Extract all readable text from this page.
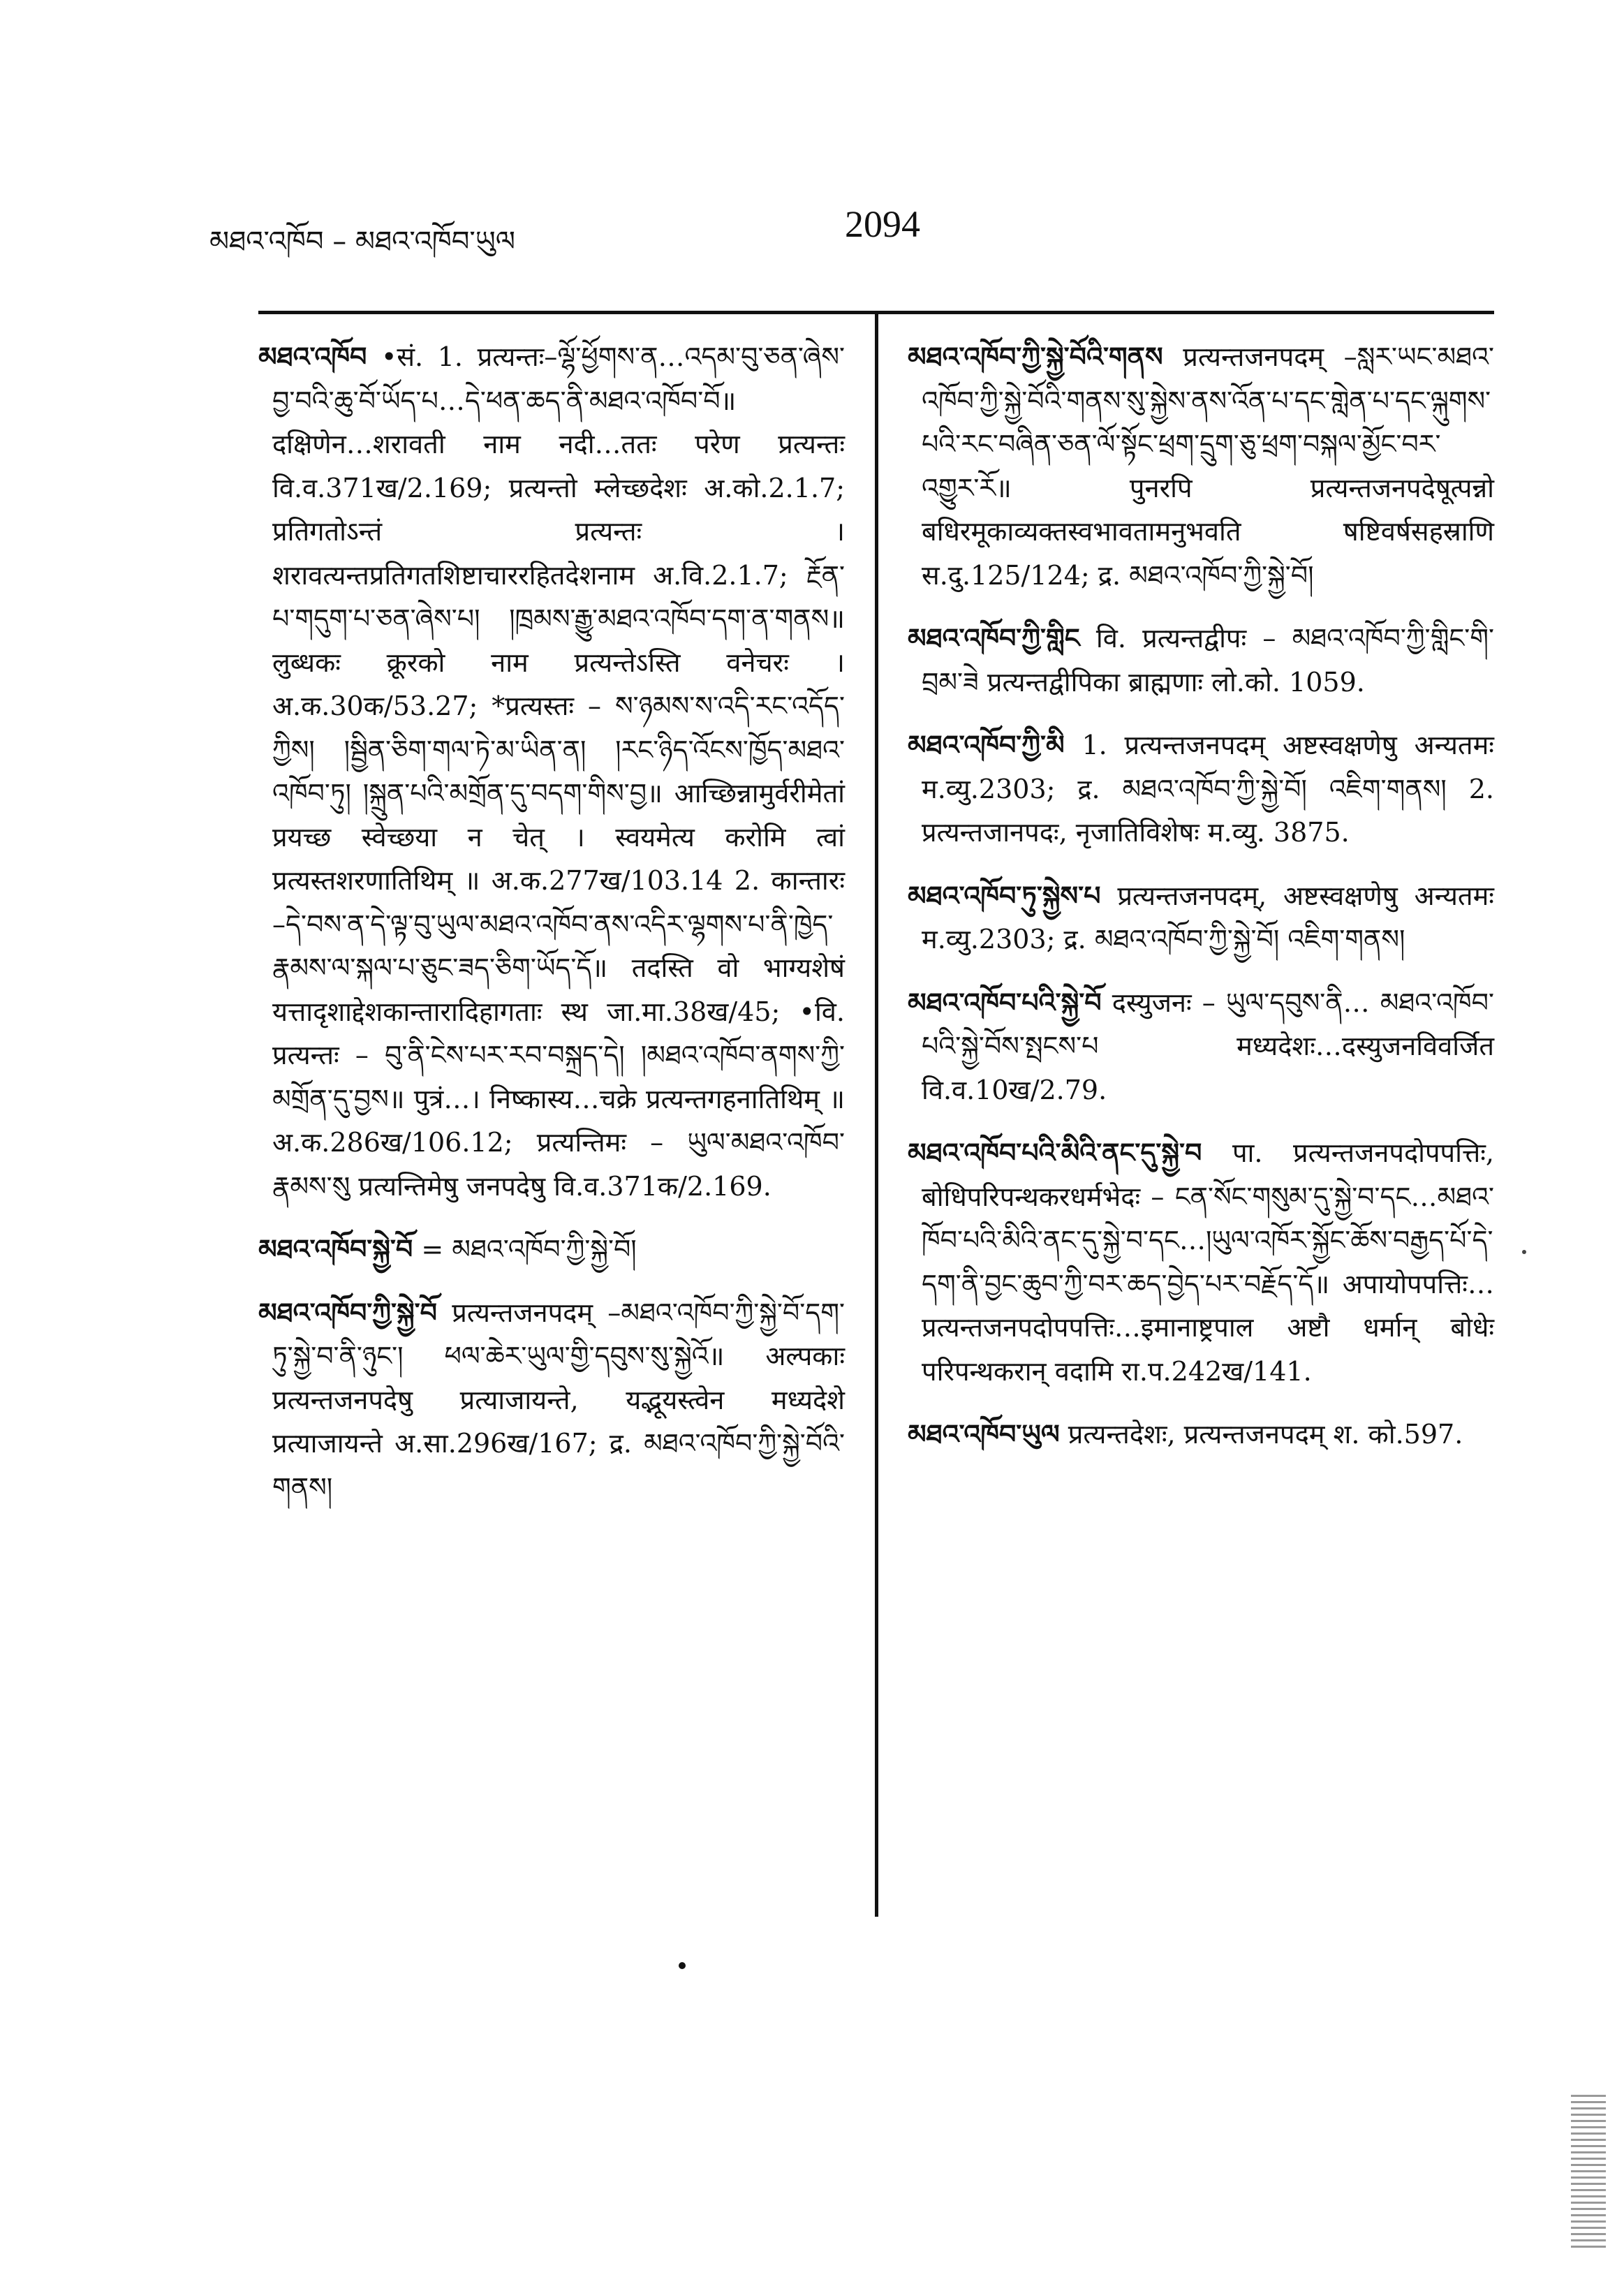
མཐའ་འཁོབ – མཐའ་འཁོབ་ཡུལ	2094

མཐའ་འཁོབ •सं. 1. प्रत्यन्तः–ལྷོ་ཕྱོགས་ན…འདམ་བུ་ཅན་ཞེས་བྱ་བའི་ཆུ་བོ་ཡོད་པ…དེ་ཕན་ཆད་ནི་མཐའ་འཁོབ་བོ॥ दक्षिणेन…शरावती नाम नदी…ततः परेण प्रत्यन्तः वि.व.371ख/2.169; प्रत्यन्तो म्लेच्छदेशः अ.को.2.1.7; प्रतिगतोऽन्तं प्रत्यन्तः । शरावत्यन्तप्रतिगतशिष्टाचाररहितदेशनाम अ.वि.2.1.7; རྔོན་པ་གདུག་པ་ཅན་ཞེས་པ། །ཁྲམས་རྒྱུ་མཐའ་འཁོབ་དག་ན་གནས॥ लुब्धकः क्रूरको नाम प्रत्यन्तेऽस्ति वनेचरः । अ.क.30क/53.27; *प्रत्यस्तः – ས་ཉམས་ས་འདི་རང་འདོད་ཀྱིས། །སྦྱིན་ཅིག་གལ་ཏེ་མ་ཡིན་ན། །རང་ཉིད་འོངས་ཁྱོད་མཐའ་འཁོབ་ཏུ། །སྐྲུན་པའི་མགྲོན་དུ་བདག་གིས་བྱ॥ आच्छिन्नामुर्वरीमेतां प्रयच्छ स्वेच्छया न चेत् । स्वयमेत्य करोमि त्वां प्रत्यस्तशरणातिथिम् ॥ अ.क.277ख/103.14 2. कान्तारः –དེ་བས་ན་དེ་ལྟ་བུ་ཡུལ་མཐའ་འཁོབ་ནས་འདིར་ལྷགས་པ་ནི་ཁྱེད་རྣམས་ལ་སྐལ་པ་ཅུང་ཟད་ཅིག་ཡོད་དོ॥ तदस्ति वो भाग्यशेषं यत्तादृशाद्देशकान्तारादिहागताः स्थ जा.मा.38ख/45; •वि. प्रत्यन्तः – བུ་ནི་ངེས་པར་རབ་བསྐྲད་དེ། །མཐའ་འཁོབ་ནགས་ཀྱི་མགྲོན་དུ་བྱས॥ पुत्रं…। निष्कास्य…चक्रे प्रत्यन्तगहनातिथिम् ॥ अ.क.286ख/106.12; प्रत्यन्तिमः – ཡུལ་མཐའ་འཁོབ་རྣམས་སུ प्रत्यन्तिमेषु जनपदेषु वि.व.371क/2.169.

མཐའ་འཁོབ་སྐྱེ་བོ = མཐའ་འཁོབ་ཀྱི་སྐྱེ་བོ།

མཐའ་འཁོབ་ཀྱི་སྐྱེ་བོ प्रत्यन्तजनपदम् –མཐའ་འཁོབ་ཀྱི་སྐྱེ་བོ་དག་ཏུ་སྐྱེ་བ་ནི་ཉུང་། ཕལ་ཆེར་ཡུལ་གྱི་དབུས་སུ་སྐྱེའོ॥ अल्पकाः प्रत्यन्तजनपदेषु प्रत्याजायन्ते, यद्भूयस्त्वेन मध्यदेशे प्रत्याजायन्ते अ.सा.296ख/167; द्र. མཐའ་འཁོབ་ཀྱི་སྐྱེ་བོའི་གནས།

མཐའ་འཁོབ་ཀྱི་སྐྱེ་བོའི་གནས प्रत्यन्तजनपदम् –སླར་ཡང་མཐའ་འཁོབ་ཀྱི་སྐྱེ་བོའི་གནས་སུ་སྐྱེས་ནས་འོན་པ་དང་གླེན་པ་དང་ལྐུགས་པའི་རང་བཞིན་ཅན་ལོ་སྟོང་ཕྲག་དྲུག་ཅུ་ཕྲག་བསྐལ་མྱོང་བར་འགྱུར་རོ॥ पुनरपि प्रत्यन्तजनपदेषूत्पन्नो बधिरमूकाव्यक्तस्वभावतामनुभवति षष्टिवर्षसहस्राणि स.दु.125/124; द्र. མཐའ་འཁོབ་ཀྱི་སྐྱེ་བོ།

མཐའ་འཁོབ་ཀྱི་གླིང वि. प्रत्यन्तद्वीपः – མཐའ་འཁོབ་ཀྱི་གླིང་གི་བྲམ་ཟེ प्रत्यन्तद्वीपिका ब्राह्मणाः लो.को. 1059.

མཐའ་འཁོབ་ཀྱི་མི 1. प्रत्यन्तजनपदम् अष्टस्वक्षणेषु अन्यतमः म.व्यु.2303; द्र. མཐའ་འཁོབ་ཀྱི་སྐྱེ་བོ། འཇིག་གནས། 2. प्रत्यन्तजानपदः, नृजातिविशेषः म.व्यु. 3875.

མཐའ་འཁོབ་ཏུ་སྐྱེས་པ प्रत्यन्तजनपदम्, अष्टस्वक्षणेषु अन्यतमः म.व्यु.2303; द्र. མཐའ་འཁོབ་ཀྱི་སྐྱེ་བོ། འཇིག་གནས།

མཐའ་འཁོབ་པའི་སྐྱེ་བོ दस्युजनः – ཡུལ་དབུས་ནི… མཐའ་འཁོབ་པའི་སྐྱེ་བོས་སྤངས་པ मध्यदेशः…दस्युजनविवर्जित वि.व.10ख/2.79.

མཐའ་འཁོབ་པའི་མིའི་ནང་དུ་སྐྱེ་བ पा. प्रत्यन्तजनपदोपपत्तिः, बोधिपरिपन्थकरधर्मभेदः – ངན་སོང་གསུམ་དུ་སྐྱེ་བ་དང…མཐའ་ཁོབ་པའི་མིའི་ནང་དུ་སྐྱེ་བ་དང…།ཡུལ་འཁོར་སྐྱོང་ཆོས་བརྒྱད་པོ་དེ་དག་ནི་བྱང་ཆུབ་ཀྱི་བར་ཆད་བྱེད་པར་བརྗོད་དོ॥ अपायोपपत्तिः…प्रत्यन्तजनपदोपपत्तिः…इमानाष्ट्रपाल अष्टौ धर्मान् बोधेः परिपन्थकरान् वदामि रा.प.242ख/141.

མཐའ་འཁོབ་ཡུལ प्रत्यन्तदेशः, प्रत्यन्तजनपदम् श. को.597.
